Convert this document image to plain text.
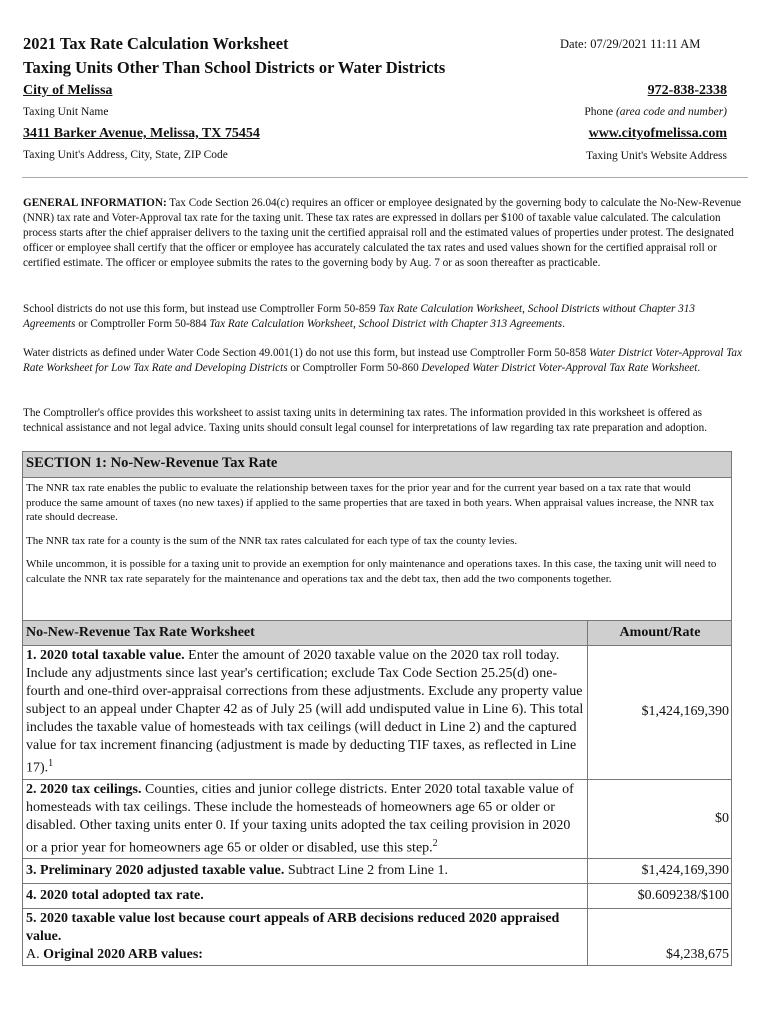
2021 Tax Rate Calculation Worksheet
Taxing Units Other Than School Districts or Water Districts
Date: 07/29/2021 11:11 AM
City of Melissa
Taxing Unit Name
972-838-2338
Phone (area code and number)
3411 Barker Avenue, Melissa, TX 75454
Taxing Unit's Address, City, State, ZIP Code
www.cityofmelissa.com
Taxing Unit's Website Address
GENERAL INFORMATION: Tax Code Section 26.04(c) requires an officer or employee designated by the governing body to calculate the No-New-Revenue (NNR) tax rate and Voter-Approval tax rate for the taxing unit. These tax rates are expressed in dollars per $100 of taxable value calculated. The calculation process starts after the chief appraiser delivers to the taxing unit the certified appraisal roll and the estimated values of properties under protest. The designated officer or employee shall certify that the officer or employee has accurately calculated the tax rates and used values shown for the certified appraisal roll or certified estimate. The officer or employee submits the rates to the governing body by Aug. 7 or as soon thereafter as practicable.
School districts do not use this form, but instead use Comptroller Form 50-859 Tax Rate Calculation Worksheet, School Districts without Chapter 313 Agreements or Comptroller Form 50-884 Tax Rate Calculation Worksheet, School District with Chapter 313 Agreements.
Water districts as defined under Water Code Section 49.001(1) do not use this form, but instead use Comptroller Form 50-858 Water District Voter-Approval Tax Rate Worksheet for Low Tax Rate and Developing Districts or Comptroller Form 50-860 Developed Water District Voter-Approval Tax Rate Worksheet.
The Comptroller's office provides this worksheet to assist taxing units in determining tax rates. The information provided in this worksheet is offered as technical assistance and not legal advice. Taxing units should consult legal counsel for interpretations of law regarding tax rate preparation and adoption.
SECTION 1: No-New-Revenue Tax Rate

The NNR tax rate enables the public to evaluate the relationship between taxes for the prior year and for the current year based on a tax rate that would produce the same amount of taxes (no new taxes) if applied to the same properties that are taxed in both years. When appraisal values increase, the NNR tax rate should decrease.

The NNR tax rate for a county is the sum of the NNR tax rates calculated for each type of tax the county levies.

While uncommon, it is possible for a taxing unit to provide an exemption for only maintenance and operations taxes. In this case, the taxing unit will need to calculate the NNR tax rate separately for the maintenance and operations tax and the debt tax, then add the two components together.

No-New-Revenue Tax Rate Worksheet	Amount/Rate
1. 2020 total taxable value. Enter the amount of 2020 taxable value on the 2020 tax roll today. Include any adjustments since last year's certification; exclude Tax Code Section 25.25(d) one-fourth and one-third over-appraisal corrections from these adjustments. Exclude any property value subject to an appeal under Chapter 42 as of July 25 (will add undisputed value in Line 6). This total includes the taxable value of homesteads with tax ceilings (will deduct in Line 2) and the captured value for tax increment financing (adjustment is made by deducting TIF taxes, as reflected in Line 17).$^1$	$1,424,169,390
2. 2020 tax ceilings. Counties, cities and junior college districts. Enter 2020 total taxable value of homesteads with tax ceilings. These include the homesteads of homeowners age 65 or older or disabled. Other taxing units enter 0. If your taxing units adopted the tax ceiling provision in 2020 or a prior year for homeowners age 65 or older or disabled, use this step.$^2$	$0
3. Preliminary 2020 adjusted taxable value. Subtract Line 2 from Line 1.	$1,424,169,390
4. 2020 total adopted tax rate.	$0.609238/$100
5. 2020 taxable value lost because court appeals of ARB decisions reduced 2020 appraised value.
A. Original 2020 ARB values:	$4,238,675
